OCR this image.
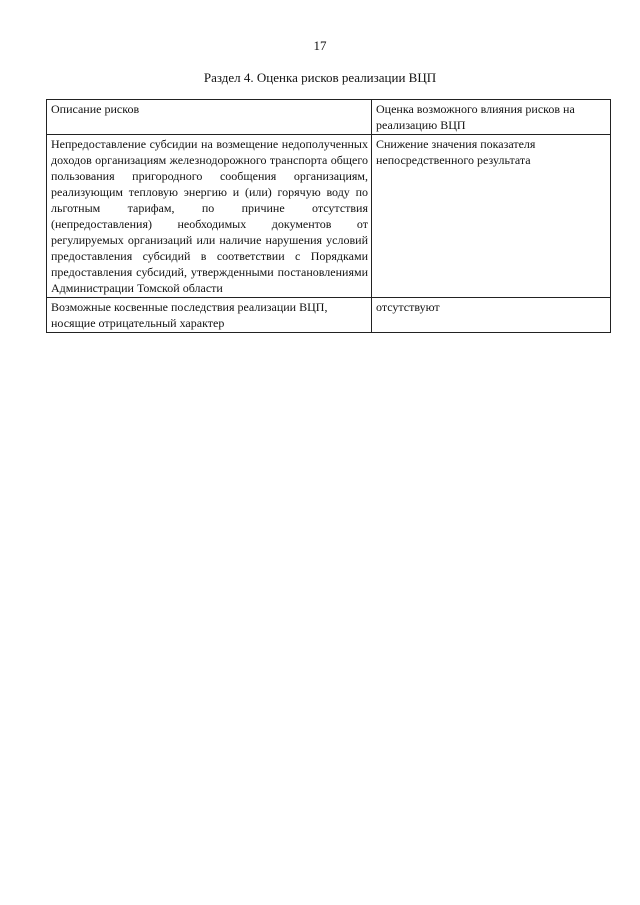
17
Раздел 4. Оценка рисков реализации ВЦП
Описание рисков	Оценка возможного влияния рисков на реализацию ВЦП
Непредоставление субсидии на возмещение недополученных доходов организациям железнодорожного транспорта общего пользования пригородного сообщения организациям, реализующим тепловую энергию и (или) горячую воду по льготным тарифам, по причине отсутствия (непредоставления) необходимых документов от регулируемых организаций или наличие нарушения условий предоставления субсидий в соответствии с Порядками предоставления субсидий, утвержденными постановлениями Администрации Томской области	Снижение значения показателя непосредственного результата
Возможные косвенные последствия реализации ВЦП, носящие отрицательный характер	отсутствуют
